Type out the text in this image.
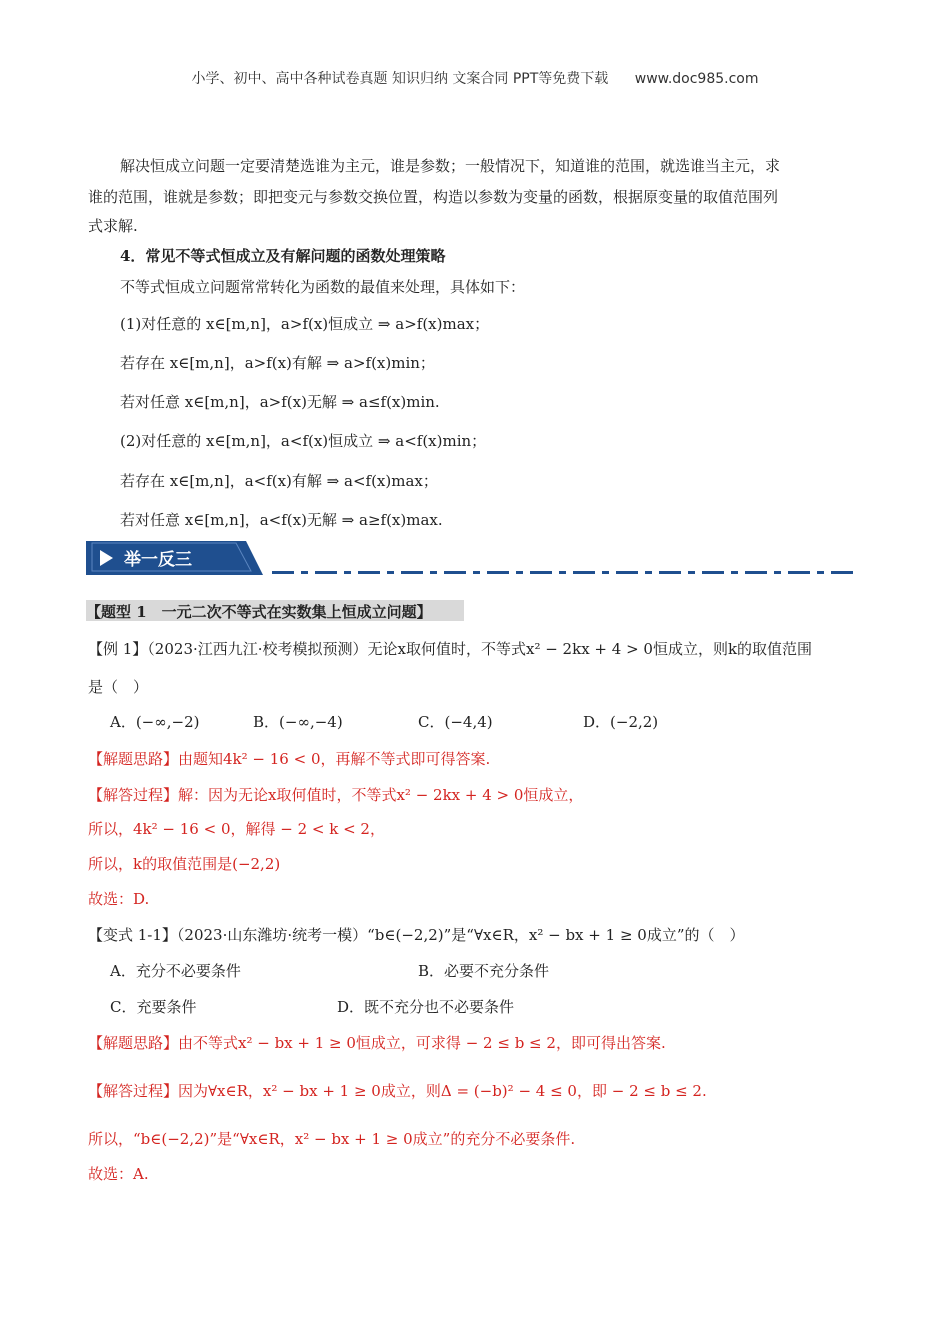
小学、初中、高中各种试卷真题 知识归纳 文案合同 PPT等免费下载 www.doc985.com
解决恒成立问题一定要清楚选谁为主元，谁是参数；一般情况下，知道谁的范围，就选谁当主元，求
谁的范围，谁就是参数；即把变元与参数交换位置，构造以参数为变量的函数，根据原变量的取值范围列
式求解.
4．常见不等式恒成立及有解问题的函数处理策略
不等式恒成立问题常常转化为函数的最值来处理，具体如下：
(1)对任意的 x∈[m,n]，a>f(x)恒成立 ⇒ a>f(x)max；
若存在 x∈[m,n]，a>f(x)有解 ⇒ a>f(x)min；
若对任意 x∈[m,n]，a>f(x)无解 ⇒ a≤f(x)min.
(2)对任意的 x∈[m,n]，a<f(x)恒成立 ⇒ a<f(x)min；
若存在 x∈[m,n]，a<f(x)有解 ⇒ a<f(x)max；
若对任意 x∈[m,n]，a<f(x)无解 ⇒ a≥f(x)max.
举一反三
【题型 1　一元二次不等式在实数集上恒成立问题】
【例 1】（2023·江西九江·校考模拟预测）无论x取何值时，不等式x² − 2kx + 4 > 0恒成立，则k的取值范围
是（　）
A．(−∞,−2)	B．(−∞,−4)	C．(−4,4)	D．(−2,2)
【解题思路】由题知4k² − 16 < 0，再解不等式即可得答案.
【解答过程】解：因为无论x取何值时，不等式x² − 2kx + 4 > 0恒成立，
所以，4k² − 16 < 0，解得 − 2 < k < 2，
所以，k的取值范围是(−2,2)
故选：D.
【变式 1-1】（2023·山东潍坊·统考一模）“b∈(−2,2)”是“∀x∈R，x² − bx + 1 ≥ 0成立”的（　）
A．充分不必要条件	B．必要不充分条件
C．充要条件	D．既不充分也不必要条件
【解题思路】由不等式x² − bx + 1 ≥ 0恒成立，可求得 − 2 ≤ b ≤ 2，即可得出答案.
【解答过程】因为∀x∈R，x² − bx + 1 ≥ 0成立，则Δ = (−b)² − 4 ≤ 0，即 − 2 ≤ b ≤ 2.
所以，“b∈(−2,2)”是“∀x∈R，x² − bx + 1 ≥ 0成立”的充分不必要条件.
故选：A.
